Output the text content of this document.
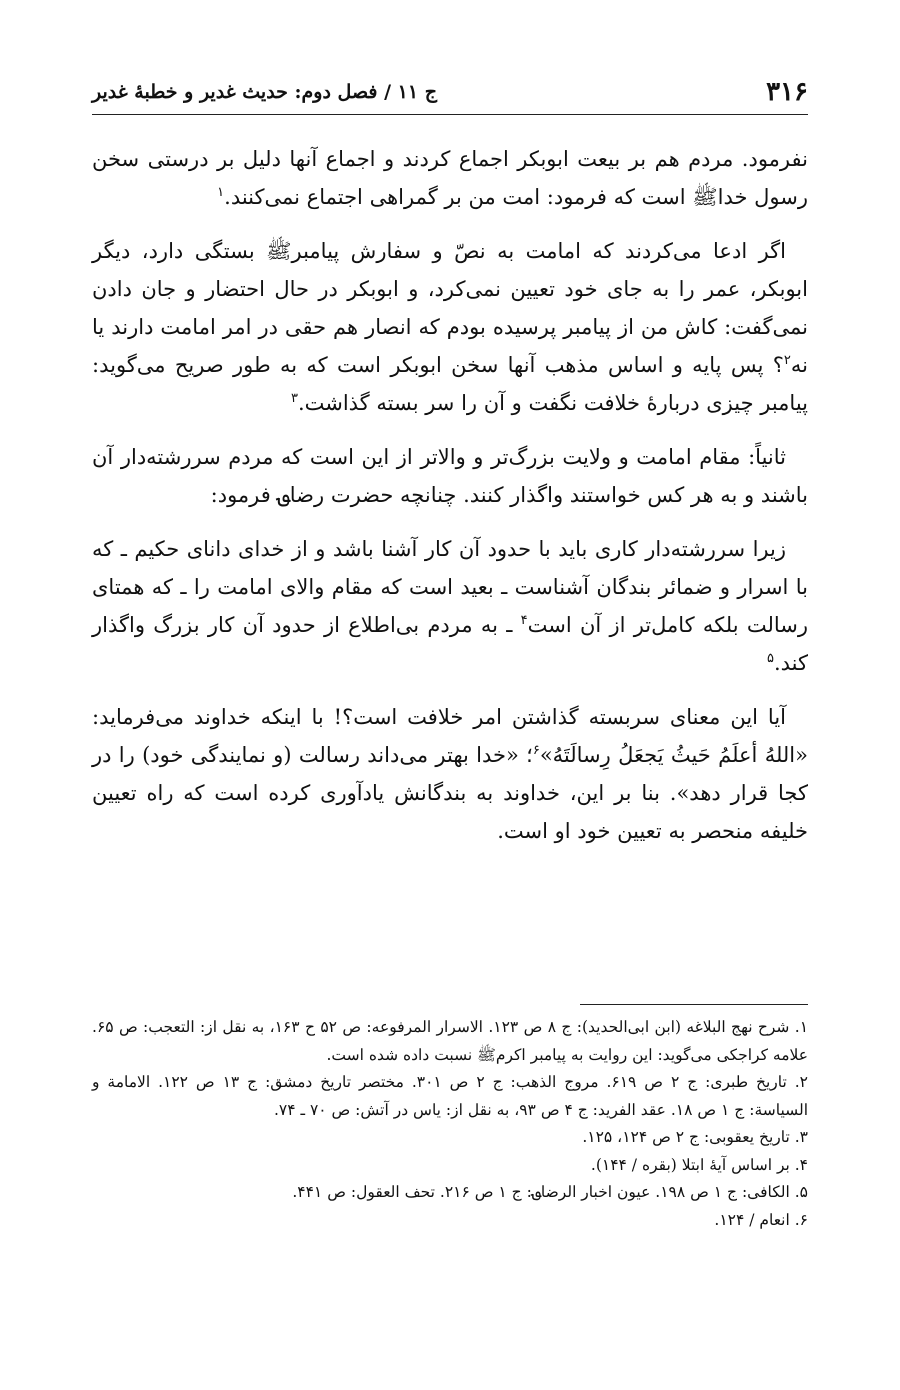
۳۱۶
ج ۱۱ / فصل دوم: حدیث غدیر و خطبهٔ غدیر

نفرمود. مردم هم بر بیعت ابوبکر اجماع کردند و اجماع آنها دلیل بر درستی سخن رسول خداﷺ است که فرمود: امت من بر گمراهی اجتماع نمی‌کنند.$^۱$

اگر ادعا می‌کردند که امامت به نصّ و سفارش پیامبرﷺ بستگی دارد، دیگر ابوبکر، عمر را به جای خود تعیین نمی‌کرد، و ابوبکر در حال احتضار و جان دادن نمی‌گفت: کاش من از پیامبر پرسیده بودم که انصار هم حقی در امر امامت دارند یا نه$^۲$؟ پس پایه و اساس مذهب آنها سخن ابوبکر است که به طور صریح می‌گوید: پیامبر چیزی دربارهٔ خلافت نگفت و آن را سر بسته گذاشت.$^۳$

ثانیاً: مقام امامت و ولایت بزرگ‌تر و والاتر از این است که مردم سررشته‌دار آن باشند و به هر کس خواستند واگذار کنند. چنانچه حضرت رضا؈ فرمود:

زیرا سررشته‌دار کاری باید با حدود آن کار آشنا باشد و از خدای دانای حکیم ـ که با اسرار و ضمائر بندگان آشناست ـ بعید است که مقام والای امامت را ـ که همتای رسالت بلکه کامل‌تر از آن است$^۴$ ـ به مردم بی‌اطلاع از حدود آن کار بزرگ واگذار کند.$^۵$

آیا این معنای سربسته گذاشتن امر خلافت است؟! با اینکه خداوند می‌فرماید: «اللهُ أعلَمُ حَیثُ یَجعَلُ رِسالَتَهُ»$^۶$؛ «خدا بهتر می‌داند رسالت (و نمایندگی خود) را در کجا قرار دهد». بنا بر این، خداوند به بندگانش یادآوری کرده است که راه تعیین خلیفه منحصر به تعیین خود او است.

۱. شرح نهج البلاغه (ابن ابی‌الحدید): ج ۸ ص ۱۲۳. الاسرار المرفوعه: ص ۵۲ ح ۱۶۳، به نقل از: التعجب: ص ۶۵. علامه کراجکی می‌گوید: این روایت به پیامبر اکرمﷺ نسبت داده شده است.

۲. تاریخ طبری: ج ۲ ص ۶۱۹. مروج الذهب: ج ۲ ص ۳۰۱. مختصر تاریخ دمشق: ج ۱۳ ص ۱۲۲. الامامة و السیاسة: ج ۱ ص ۱۸. عقد الفرید: ج ۴ ص ۹۳، به نقل از: یاس در آتش: ص ۷۰ ـ ۷۴.

۳. تاریخ یعقوبی: ج ۲ ص ۱۲۴، ۱۲۵.

۴. بر اساس آیهٔ ابتلا (بقره / ۱۴۴).

۵. الکافی: ج ۱ ص ۱۹۸. عیون اخبار الرضا؈: ج ۱ ص ۲۱۶. تحف العقول: ص ۴۴۱.

۶. انعام / ۱۲۴.
